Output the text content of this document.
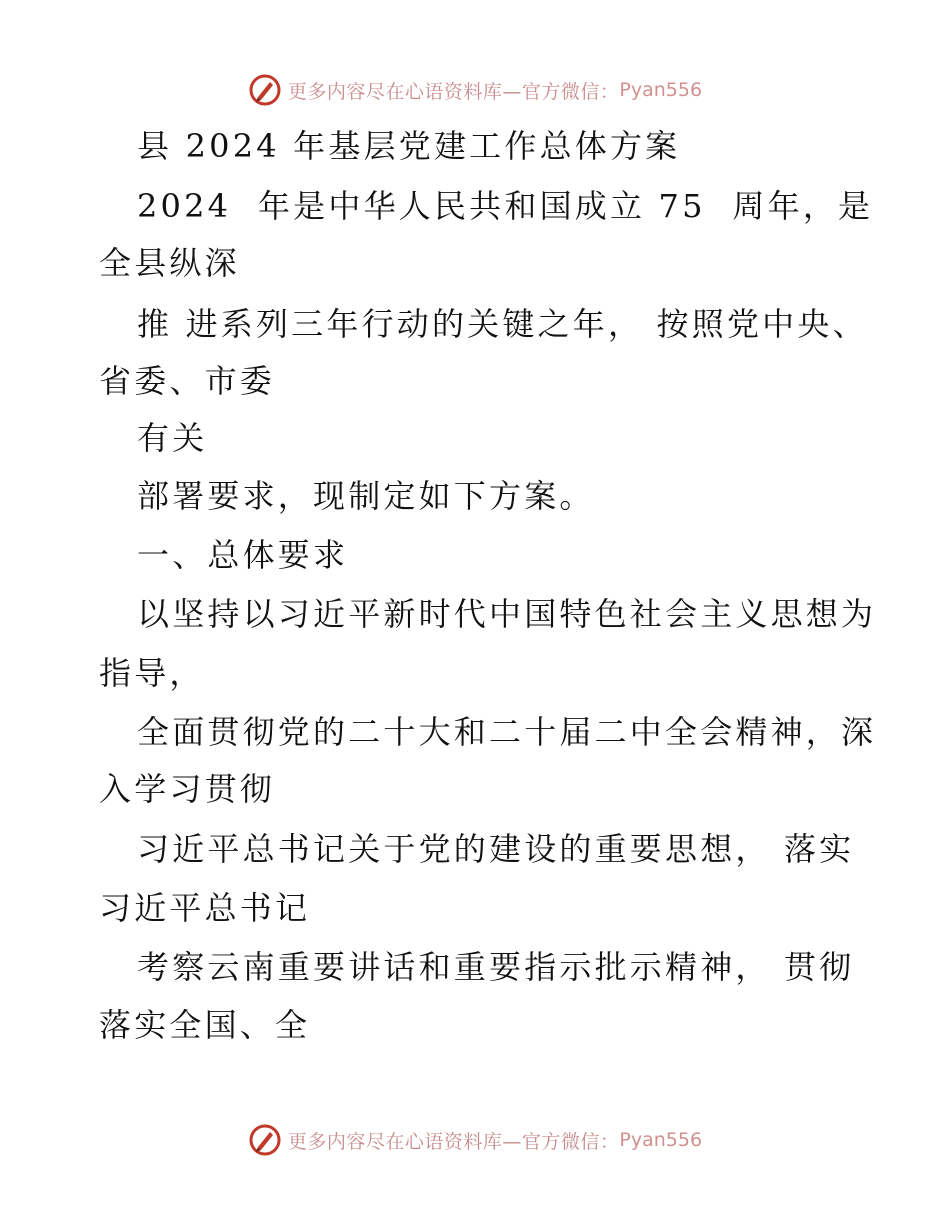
更多内容尽在心语资料库—官方微信： Pyan556
县 2024 年基层党建工作总体方案
2024  年是中华人民共和国成立 75  周年，是
全县纵深
推 进系列三年行动的关键之年， 按照党中央、
省委、市委
有关
部署要求，现制定如下方案。
一、总体要求
以坚持以习近平新时代中国特色社会主义思想为
指导，
全面贯彻党的二十大和二十届二中全会精神，深
入学习贯彻
习近平总书记关于党的建设的重要思想， 落实
习近平总书记
考察云南重要讲话和重要指示批示精神， 贯彻
落实全国、全
更多内容尽在心语资料库—官方微信： Pyan556
